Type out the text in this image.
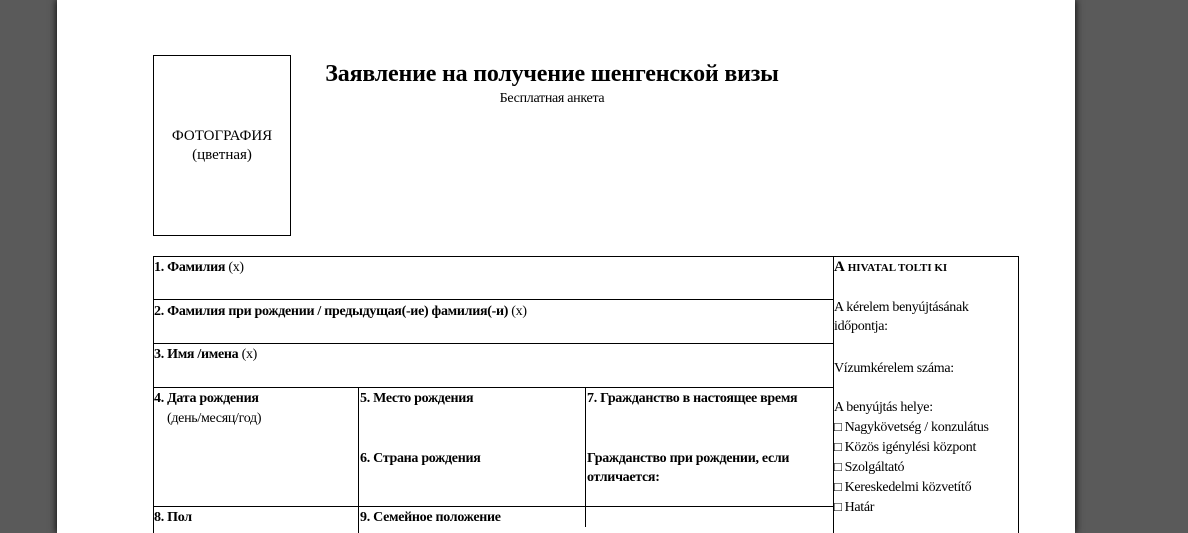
ФОТОГРАФИЯ
(цветная)
Заявление на получение шенгенской визы
Бесплатная анкета
1. Фамилия (x)
2. Фамилия при рождении / предыдущая(-ие) фамилия(-и) (x)
3. Имя /имена (x)
4. Дата рождения
(день/месяц/год)
5. Место рождения
6. Страна рождения
7. Гражданство в настоящее время
Гражданство при рождении, если
отличается:
8. Пол	9. Семейное положение
A HIVATAL TOLTI KI
A kérelem benyújtásának
időpontja:
Vízumkérelem száma:
A benyújtás helye:
□ Nagykövetség / konzulátus
□ Közös igénylési központ
□ Szolgáltató
□ Kereskedelmi közvetítő
□ Határ
